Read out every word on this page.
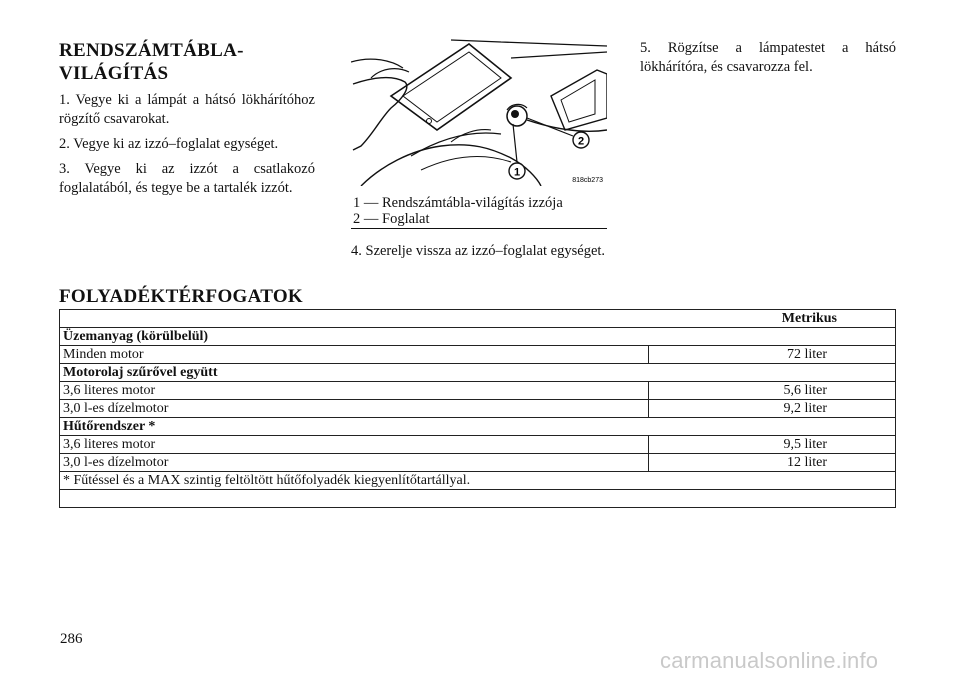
RENDSZÁMTÁBLA-
VILÁGÍTÁS
1. Vegye ki a lámpát a hátsó lökhárítóhoz rögzítő csavarokat.
2. Vegye ki az izzó–foglalat egységet.
3. Vegye ki az izzót a csatlakozó foglalatából, és tegye be a tartalék izzót.
1
2
818cb273
1 — Rendszámtábla-világítás izzója
2 — Foglalat
4. Szerelje vissza az izzó–foglalat egységet.
5. Rögzítse a lámpatestet a hátsó lökhárítóra, és csavarozza fel.
FOLYADÉKTÉRFOGATOK
Metrikus	
Üzemanyag (körülbelül)	
Minden motor	72 liter
Motorolaj szűrővel együtt	
3,6 literes motor	5,6 liter
3,0 l-es dízelmotor	9,2 liter
Hűtőrendszer *	
3,6 literes motor	9,5 liter
3,0 l-es dízelmotor	12 liter
* Fűtéssel és a MAX szintig feltöltött hűtőfolyadék kiegyenlítőtartállyal.	

286
carmanualsonline.info
